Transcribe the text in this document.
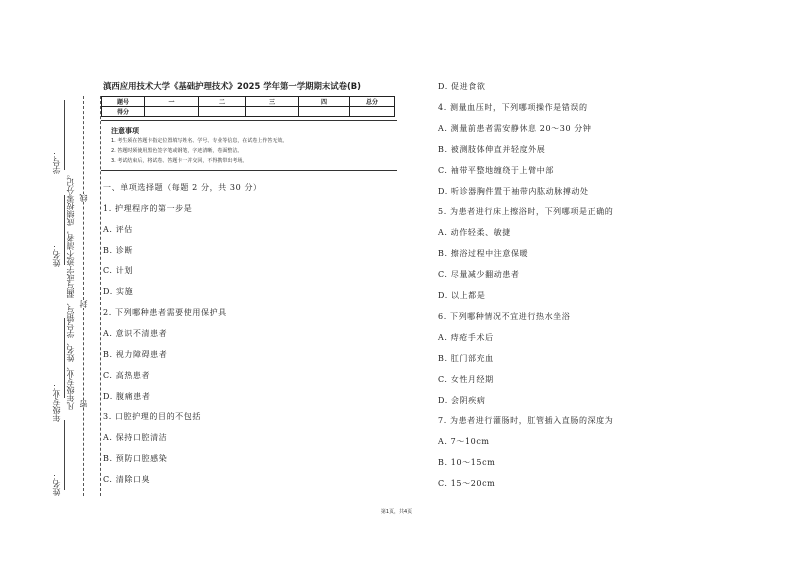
学号：
姓名：
年级专业：
姓名：
凡年级专业、姓名、学号错写、漏写或字迹不清者，成绩按零分记。 密
封
线
滇西应用技术大学《基础护理技术》2025 学年第一学期期末试卷(B)
题号	一	二	三	四	总分
得分					
注意事项
1. 考生须在答题卡指定位置填写姓名、学号、专业等信息，在试卷上作答无效。
2. 答题时须使用黑色签字笔或钢笔，字迹清晰，卷面整洁。
3. 考试结束后，将试卷、答题卡一并交回，不得携带出考场。
一、单项选择题（每题 2 分，共 30 分）
1. 护理程序的第一步是
A. 评估
B. 诊断
C. 计划
D. 实施
2. 下列哪种患者需要使用保护具
A. 意识不清患者
B. 视力障碍患者
C. 高热患者
D. 腹痛患者
3. 口腔护理的目的不包括
A. 保持口腔清洁
B. 预防口腔感染
C. 清除口臭
D. 促进食欲
4. 测量血压时，下列哪项操作是错误的
A. 测量前患者需安静休息 20～30 分钟
B. 被测肢体伸直并轻度外展
C. 袖带平整地缠绕于上臂中部
D. 听诊器胸件置于袖带内肱动脉搏动处
5. 为患者进行床上擦浴时，下列哪项是正确的
A. 动作轻柔、敏捷
B. 擦浴过程中注意保暖
C. 尽量减少翻动患者
D. 以上都是
6. 下列哪种情况不宜进行热水坐浴
A. 痔疮手术后
B. 肛门部充血
C. 女性月经期
D. 会阴疾病
7. 为患者进行灌肠时，肛管插入直肠的深度为
A. 7～10cm
B. 10～15cm
C. 15～20cm
第1页，共4页
